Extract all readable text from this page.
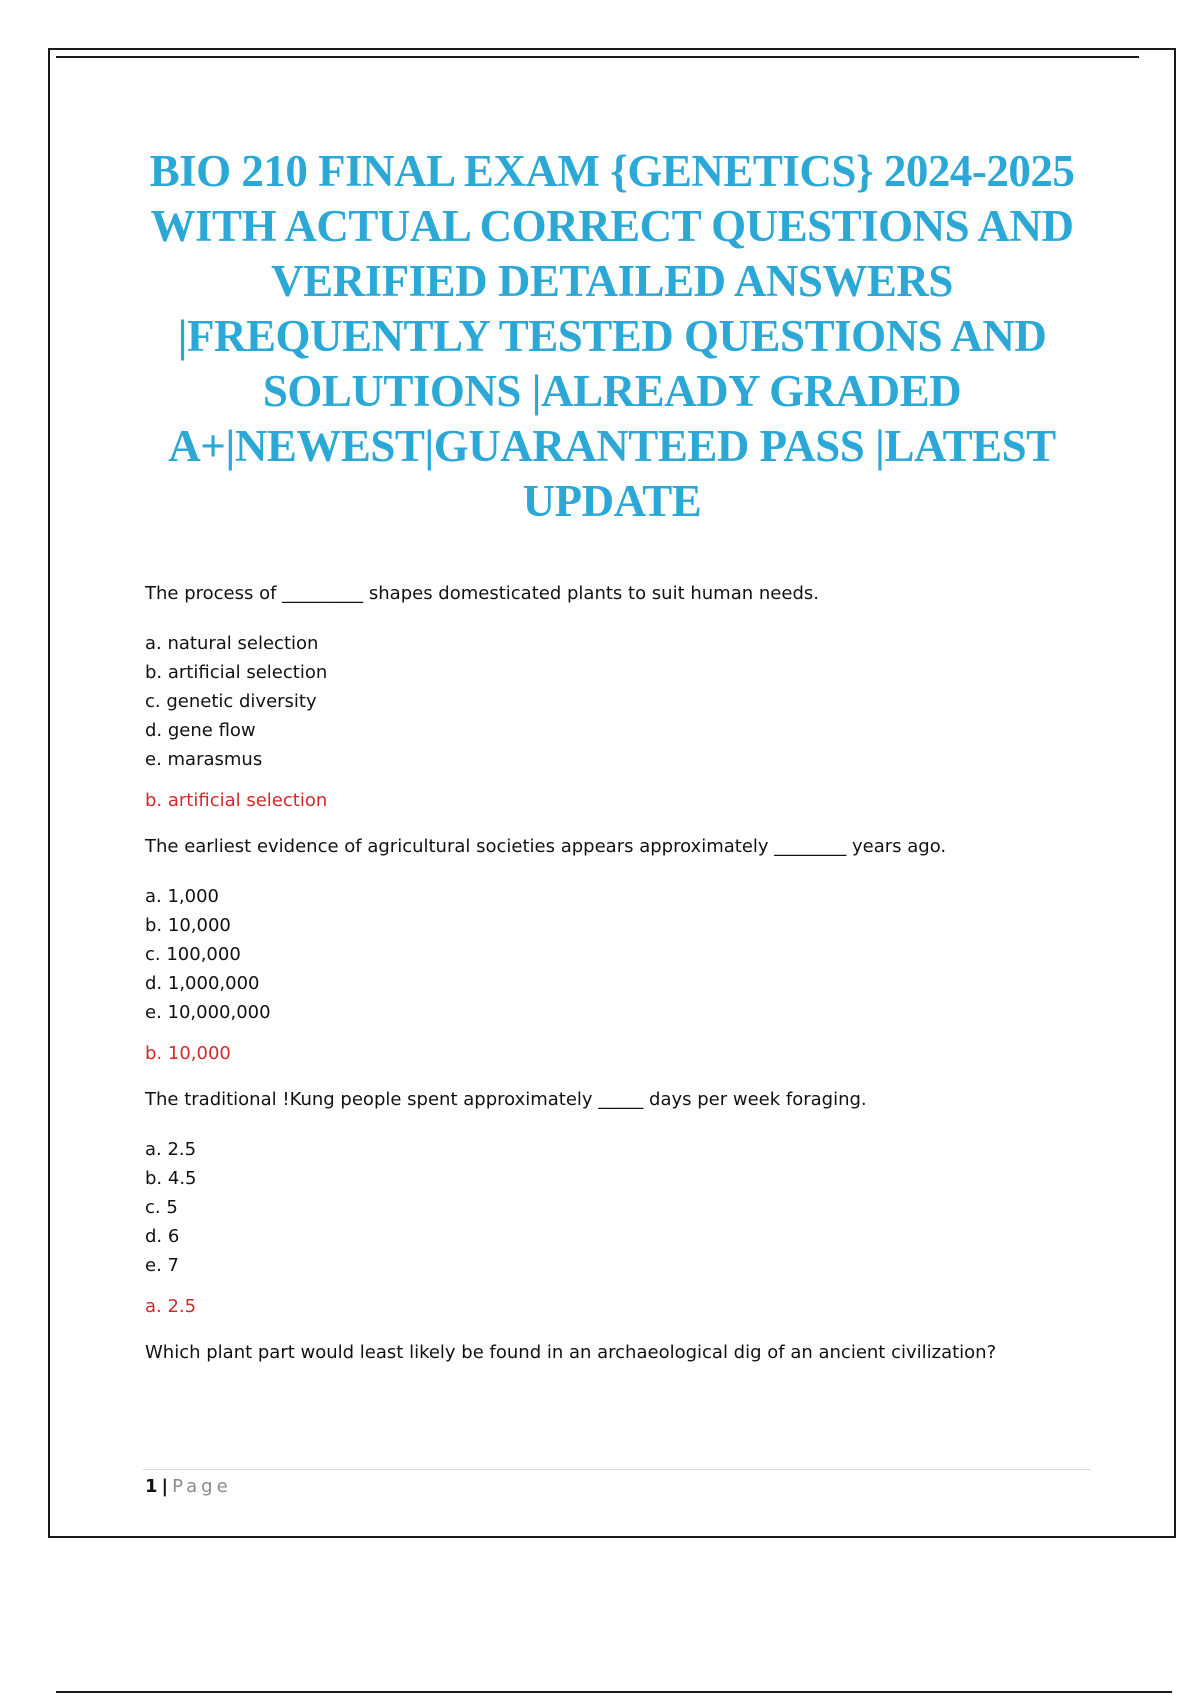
BIO 210 FINAL EXAM {GENETICS} 2024-2025 WITH ACTUAL CORRECT QUESTIONS AND VERIFIED DETAILED ANSWERS |FREQUENTLY TESTED QUESTIONS AND SOLUTIONS |ALREADY GRADED A+|NEWEST|GUARANTEED PASS |LATEST UPDATE

The process of _________ shapes domesticated plants to suit human needs.

a. natural selection
b. artificial selection
c. genetic diversity
d. gene flow
e. marasmus

b. artificial selection

The earliest evidence of agricultural societies appears approximately ________ years ago.

a. 1,000
b. 10,000
c. 100,000
d. 1,000,000
e. 10,000,000

b. 10,000

The traditional !Kung people spent approximately _____ days per week foraging.

a. 2.5
b. 4.5
c. 5
d. 6
e. 7

a. 2.5

Which plant part would least likely be found in an archaeological dig of an ancient civilization?

1 | Page
